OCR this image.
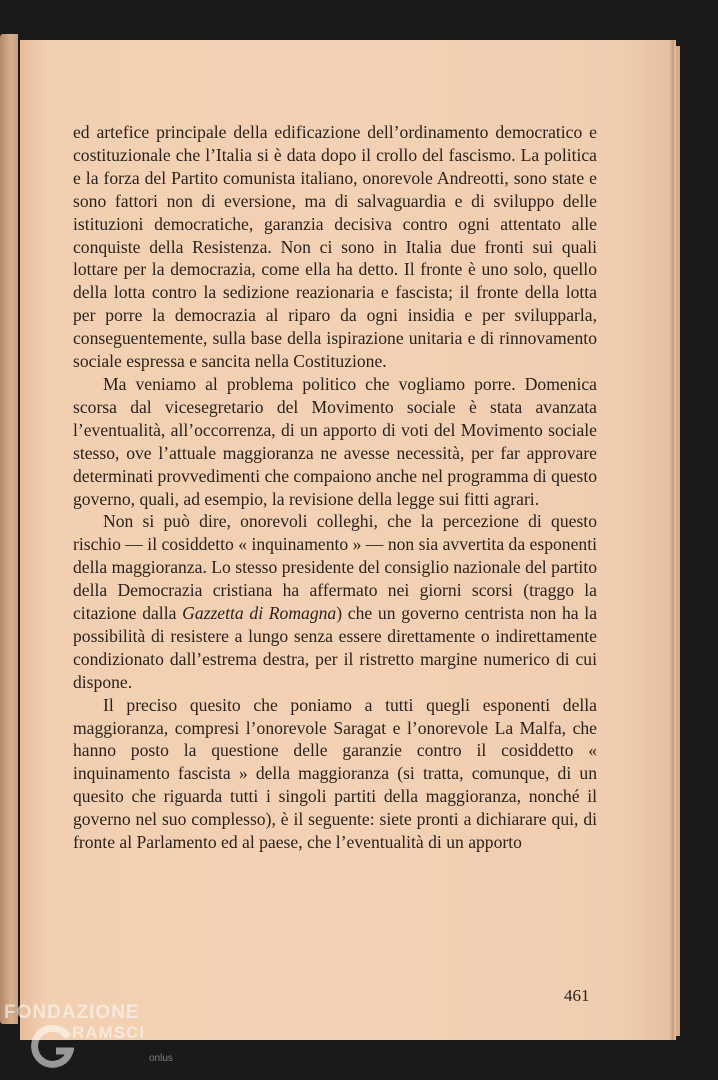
ed artefice principale della edificazione dell’ordinamento democratico e costituzionale che l’Italia si è data dopo il crollo del fascismo. La politica e la forza del Partito comunista italiano, onorevole Andreotti, sono state e sono fattori non di eversione, ma di salvaguardia e di sviluppo delle istituzioni democratiche, garanzia decisiva contro ogni attentato alle conquiste della Resistenza. Non ci sono in Italia due fronti sui quali lottare per la democrazia, come ella ha detto. Il fronte è uno solo, quello della lotta contro la sedizione reazionaria e fascista; il fronte della lotta per porre la democrazia al riparo da ogni insidia e per svilupparla, conseguentemente, sulla base della ispirazione unitaria e di rinnovamento sociale espressa e sancita nella Costituzione.

Ma veniamo al problema politico che vogliamo porre. Domenica scorsa dal vicesegretario del Movimento sociale è stata avanzata l’eventualità, all’occorrenza, di un apporto di voti del Movimento sociale stesso, ove l’attuale maggioranza ne avesse necessità, per far approvare determinati provvedimenti che compaiono anche nel programma di questo governo, quali, ad esempio, la revisione della legge sui fitti agrari.

Non si può dire, onorevoli colleghi, che la percezione di questo rischio — il cosiddetto « inquinamento » — non sia avvertita da esponenti della maggioranza. Lo stesso presidente del consiglio nazionale del partito della Democrazia cristiana ha affermato nei giorni scorsi (traggo la citazione dalla Gazzetta di Romagna) che un governo centrista non ha la possibilità di resistere a lungo senza essere direttamente o indirettamente condizionato dall’estrema destra, per il ristretto margine numerico di cui dispone.

Il preciso quesito che poniamo a tutti quegli esponenti della maggioranza, compresi l’onorevole Saragat e l’onorevole La Malfa, che hanno posto la questione delle garanzie contro il cosiddetto « inquinamento fascista » della maggioranza (si tratta, comunque, di un quesito che riguarda tutti i singoli partiti della maggioranza, nonché il governo nel suo complesso), è il seguente: siete pronti a dichiarare qui, di fronte al Parlamento ed al paese, che l’eventualità di un apporto

461
FONDAZIONE
RAMSCI
onlus
